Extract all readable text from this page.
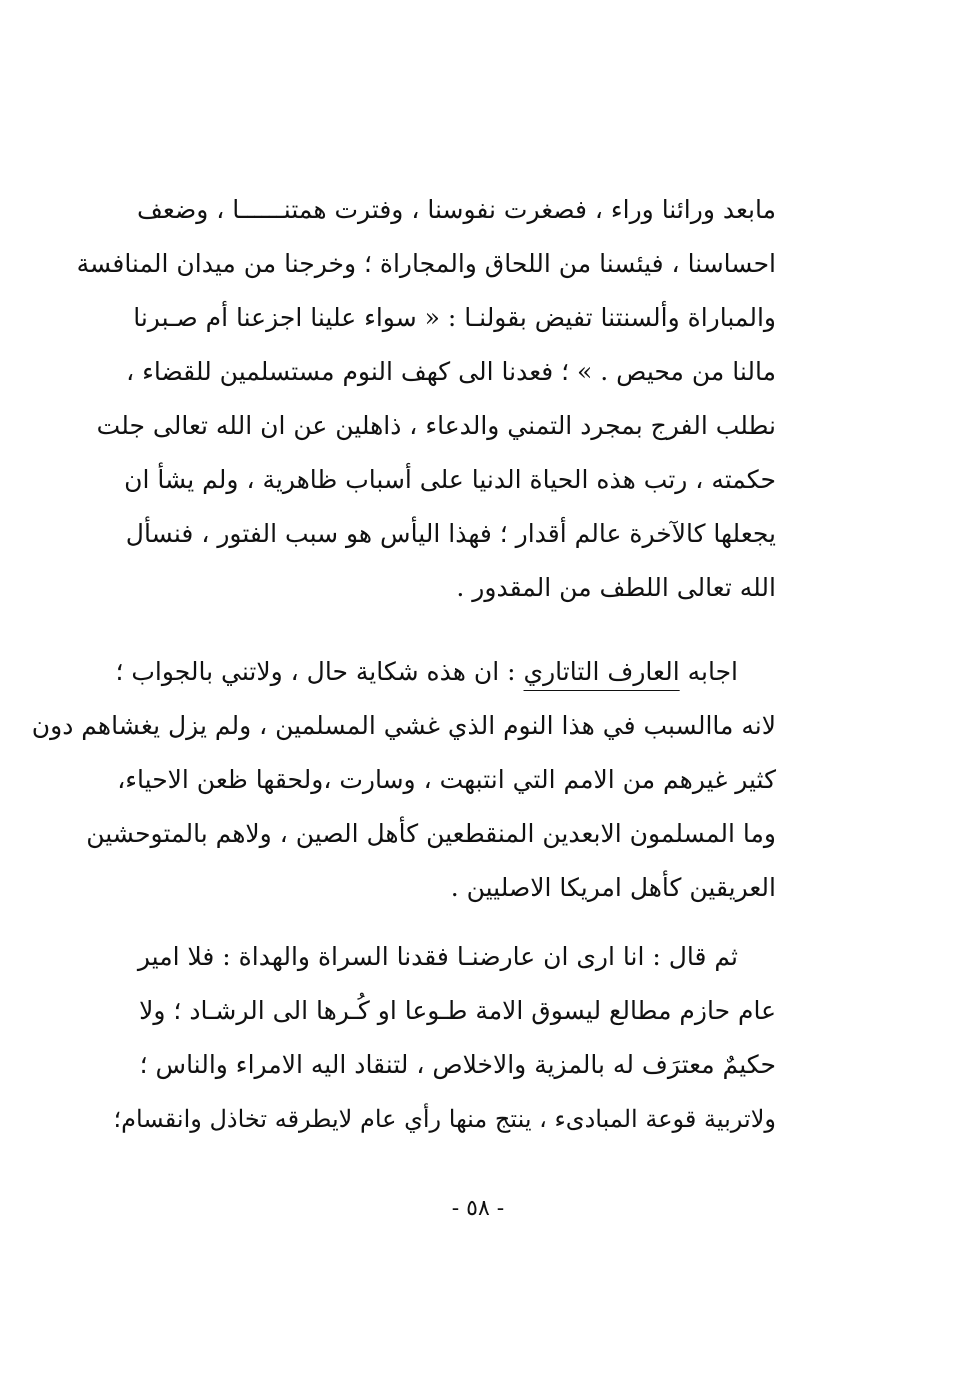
مابعد ورائنا وراء ، فصغرت نفوسنا ، وفترت همتنــــــا ، وضعف
احساسنا ، فيئسنا من اللحاق والمجاراة ؛ وخرجنا من ميدان المنافسة
والمباراة وألسنتنا تفيض بقولنـا : « سواء علينا اجزعنا أم صـبرنا
مالنا من محيص . » ؛ فعدنا الى كهف النوم مستسلمين للقضاء ،
نطلب الفرج بمجرد التمني والدعاء ، ذاهلين عن ان الله تعالى جلت
حكمته ، رتب هذه الحياة الدنيا على أسباب ظاهرية ، ولم يشأ ان
يجعلها كالآخرة عالم أقدار ؛ فهذا اليأس هو سبب الفتور ، فنسأل
الله تعالى اللطف من المقدور .
اجابه العارف التاتاري : ان هذه شكاية حال ، ولاتني بالجواب ؛
لانه ماالسبب في هذا النوم الذي غشي المسلمين ، ولم يزل يغشاهم دون
كثير غيرهم من الامم التي انتبهت ، وسارت ،ولحقها ظعن الاحياء،
وما المسلمون الابعدين المنقطعين كأهل الصين ، ولاهم بالمتوحشين
العريقين كأهل امريكا الاصليين .
ثم قال : انا ارى ان عارضنـا فقدنا السراة والهداة : فلا امير
عام حازم مطالع ليسوق الامة طـوعا او كُـرها الى الرشـاد ؛ ولا
حكيمٌ معترَف له بالمزية والاخلاص ، لتنقاد اليه الامراء والناس ؛
ولاتربية قوعة المبادىء ، ينتج منها رأي عام لايطرقه تخاذل وانقسام؛
- ٥٨ -
